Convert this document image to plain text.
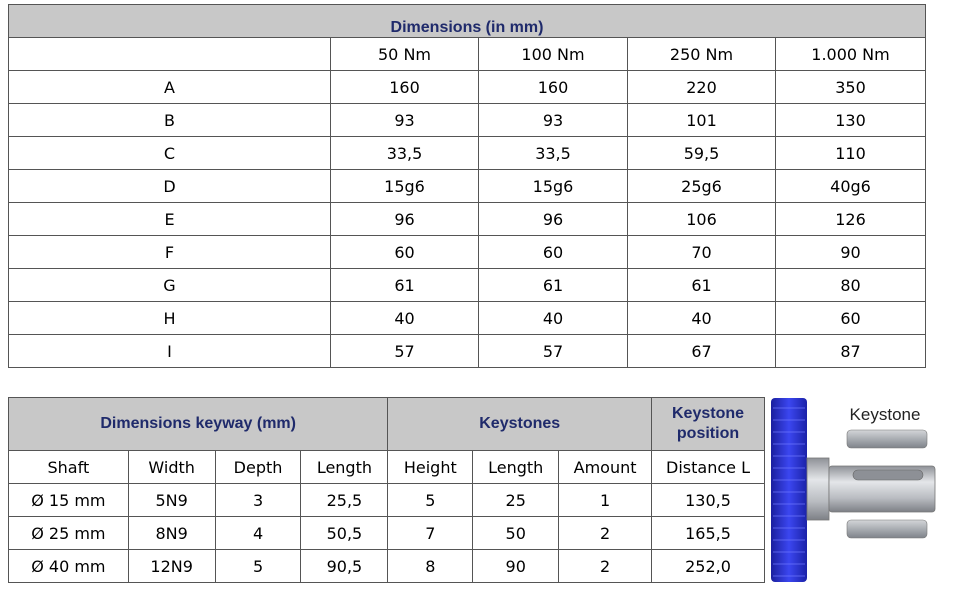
Dimensions (in mm)				
	50 Nm	100 Nm	250 Nm	1.000 Nm
A	160	160	220	350
B	93	93	101	130
C	33,5	33,5	59,5	110
D	15g6	15g6	25g6	40g6
E	96	96	106	126
F	60	60	70	90
G	61	61	61	80
H	40	40	40	60
I	57	57	67	87
Dimensions keyway (mm)				Keystones			Keystone position

Shaft	Width	Depth	Length	Height	Length	Amount	Distance L
Ø 15 mm	5N9	3	25,5	5	25	1	130,5
Ø 25 mm	8N9	4	50,5	7	50	2	165,5
Ø 40 mm	12N9	5	90,5	8	90	2	252,0
Keystone
